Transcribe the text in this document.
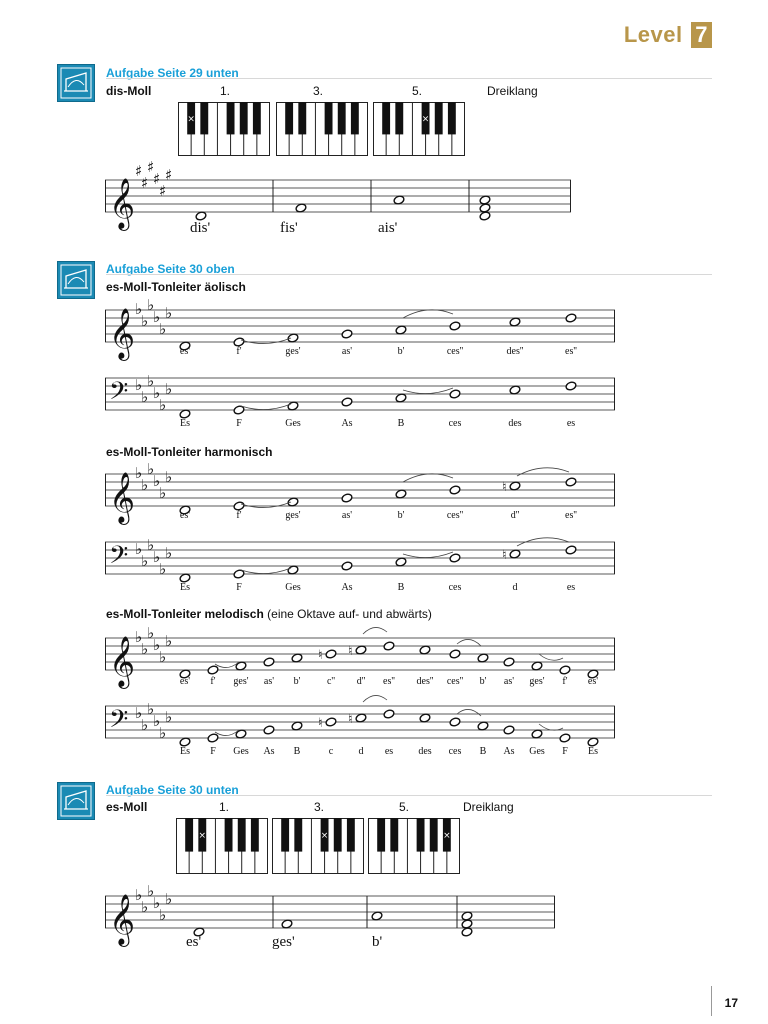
Level 7
Aufgabe Seite 29 unten
dis-Moll	1.	3.	5.	Dreiklang
×	×
𝄞
♯
♯
♯
♯
♯
♯
dis'	fis'	ais'
Aufgabe Seite 30 oben
es-Moll-Tonleiter äolisch
𝄞 ♭
♭
♭
♭
♭
♭
𝄢 ♭
♭
♭
♭
♭
♭
es-Moll-Tonleiter harmonisch
𝄞 ♭
♭
♭
♭
♭
♭
♮
𝄢 ♭
♭
♭
♭
♭
♭	♮
es-Moll-Tonleiter melodisch (eine Oktave auf- und abwärts)
𝄞 ♭
♭
♭
♭
♭
♭
♮ ♮
𝄢 ♭
♭
♭
♭
♭
♭	♮ ♮
Aufgabe Seite 30 unten
es-Moll	1.	3.	5.	Dreiklang
×	×	×
𝄞 ♭
♭
♭
♭
♭
♭
es'	ges'	b'
17
es'	f'	ges'	as'	b'	ces''	des''	es''
Es	F	Ges	As	B	ces	des	es
es'	f'	ges'	as'	b'	ces''	d''	es''
Es	F	Ges	As	B	ces	d	es
es'	f'	ges'	as'	b'	c''	d''	es''	des''	ces''	b'	as'	ges'	f'	es'
Es	F	Ges	As	B	c	d	es	des	ces	B	As	Ges	F	Es
